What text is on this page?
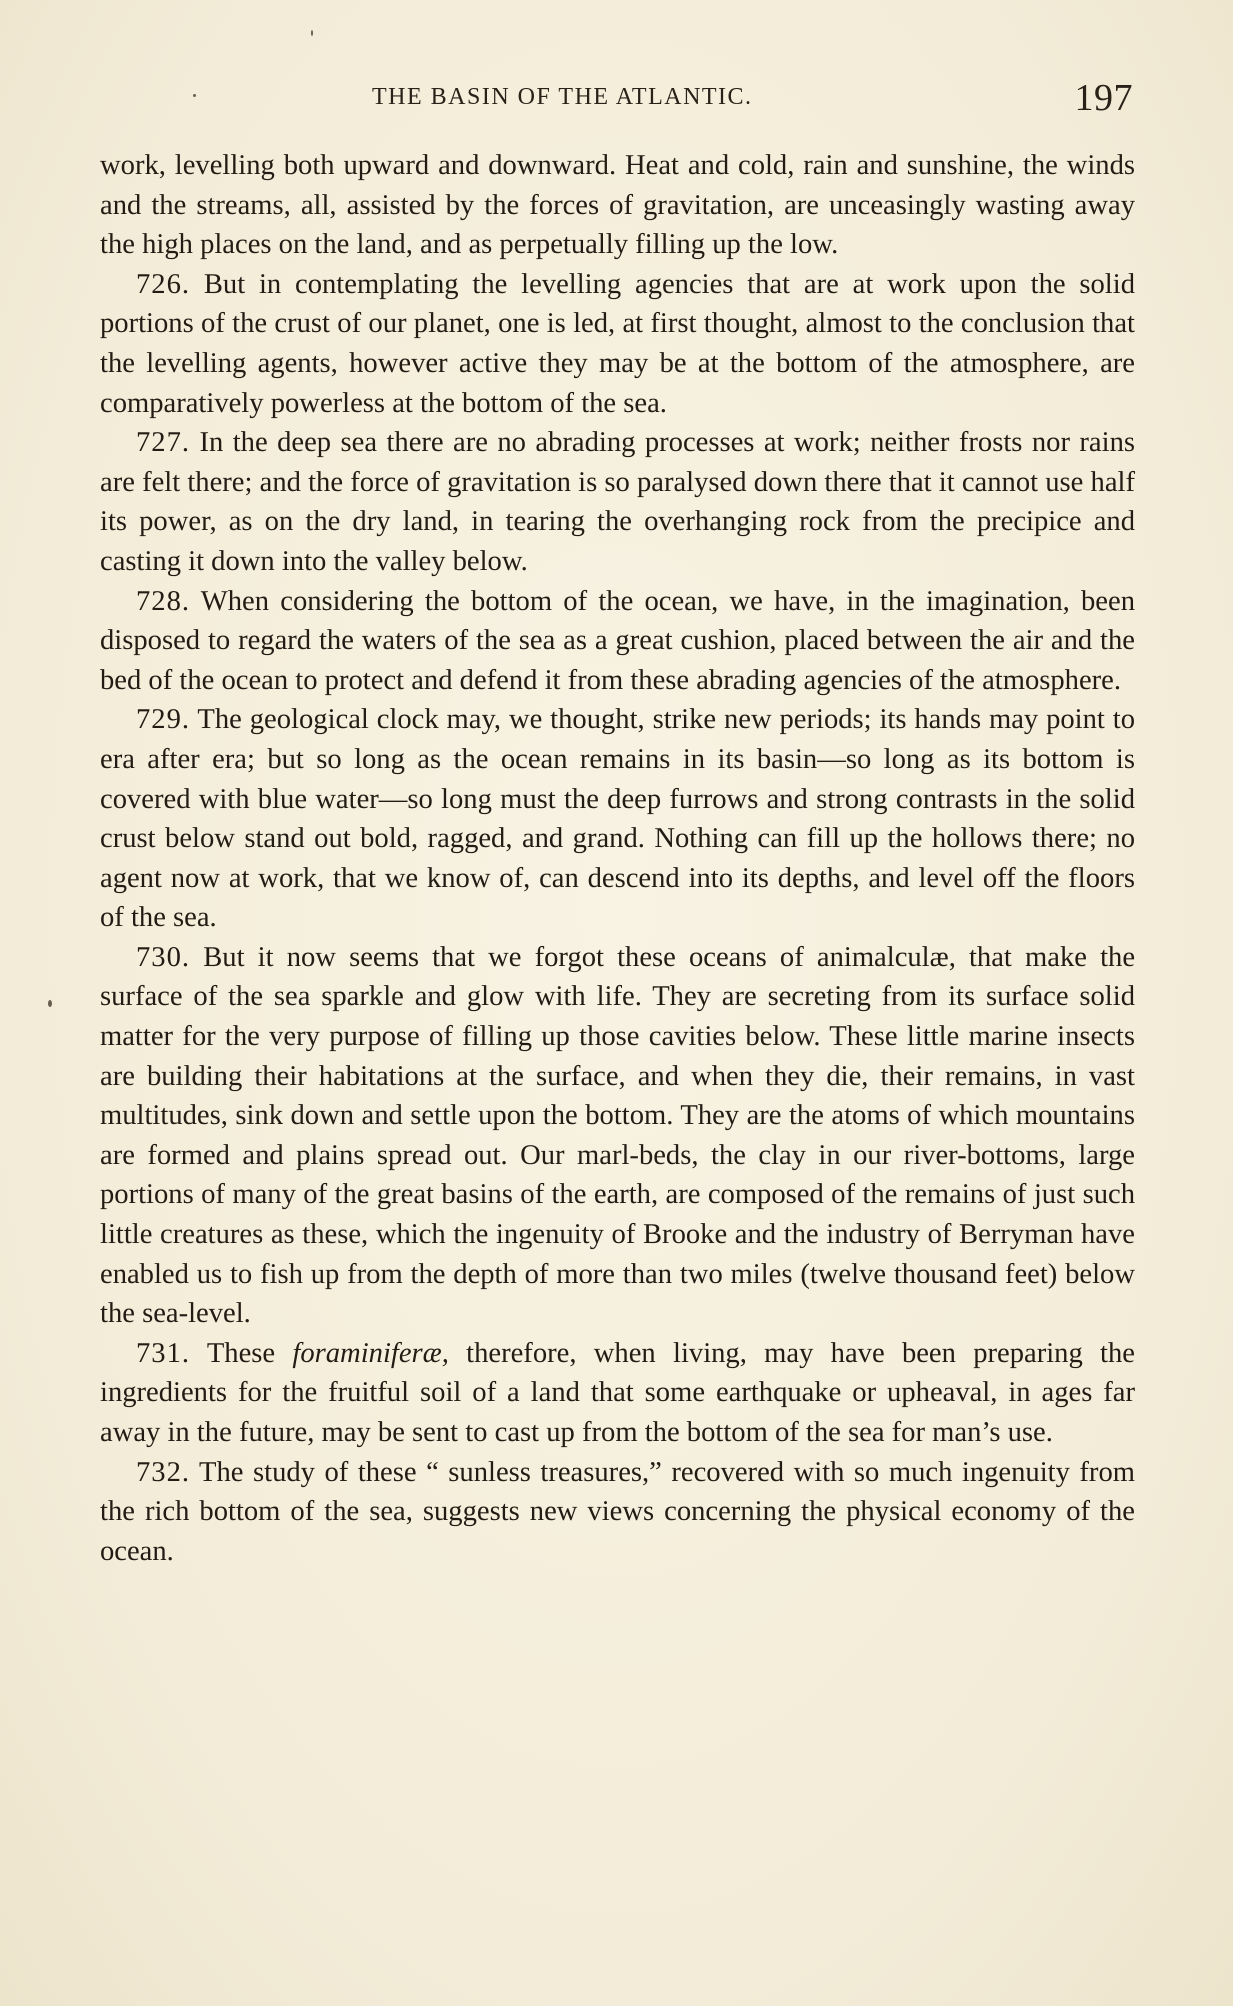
THE BASIN OF THE ATLANTIC.	197

work, levelling both upward and downward. Heat and cold, rain and sunshine, the winds and the streams, all, assisted by the forces of gravitation, are unceasingly wasting away the high places on the land, and as perpetually filling up the low.

726. But in contemplating the levelling agencies that are at work upon the solid portions of the crust of our planet, one is led, at first thought, almost to the conclusion that the levelling agents, however active they may be at the bottom of the atmosphere, are comparatively powerless at the bottom of the sea.

727. In the deep sea there are no abrading processes at work; neither frosts nor rains are felt there; and the force of gravitation is so paralysed down there that it cannot use half its power, as on the dry land, in tearing the overhanging rock from the precipice and casting it down into the valley below.

728. When considering the bottom of the ocean, we have, in the imagination, been disposed to regard the waters of the sea as a great cushion, placed between the air and the bed of the ocean to protect and defend it from these abrading agencies of the atmosphere.

729. The geological clock may, we thought, strike new periods; its hands may point to era after era; but so long as the ocean remains in its basin—so long as its bottom is covered with blue water—so long must the deep furrows and strong contrasts in the solid crust below stand out bold, ragged, and grand. Nothing can fill up the hollows there; no agent now at work, that we know of, can descend into its depths, and level off the floors of the sea.

730. But it now seems that we forgot these oceans of animalculæ, that make the surface of the sea sparkle and glow with life. They are secreting from its surface solid matter for the very purpose of filling up those cavities below. These little marine insects are building their habitations at the surface, and when they die, their remains, in vast multitudes, sink down and settle upon the bottom. They are the atoms of which mountains are formed and plains spread out. Our marl-beds, the clay in our river-bottoms, large portions of many of the great basins of the earth, are composed of the remains of just such little creatures as these, which the ingenuity of Brooke and the industry of Berryman have enabled us to fish up from the depth of more than two miles (twelve thousand feet) below the sea-level.

731. These foraminiferæ, therefore, when living, may have been preparing the ingredients for the fruitful soil of a land that some earthquake or upheaval, in ages far away in the future, may be sent to cast up from the bottom of the sea for man’s use.

732. The study of these “ sunless treasures,” recovered with so much ingenuity from the rich bottom of the sea, suggests new views concerning the physical economy of the ocean.
